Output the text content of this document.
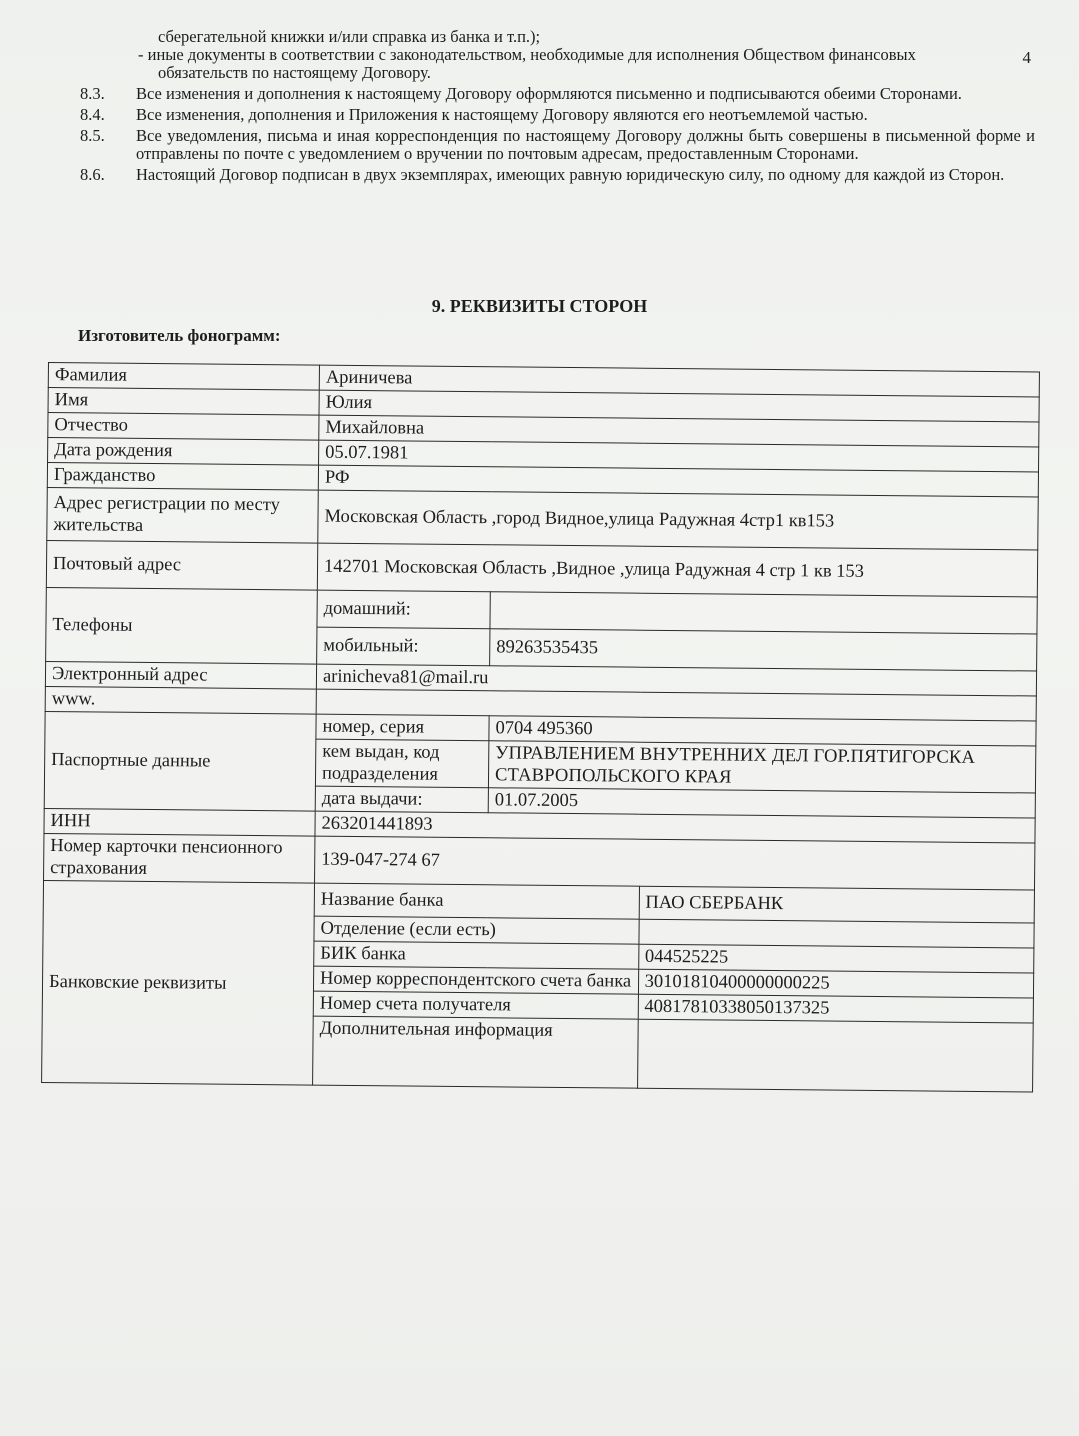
4
сберегательной книжки и/или справка из банка и т.п.);
- иные документы в соответствии с законодательством, необходимые для исполнения Обществом финансовых
обязательств по настоящему Договору.
8.3.	Все изменения и дополнения к настоящему Договору оформляются письменно и подписываются обеими Сторонами.
8.4.	Все изменения, дополнения и Приложения к настоящему Договору являются его неотъемлемой частью.
8.5.	Все уведомления, письма и иная корреспонденция по настоящему Договору должны быть совершены в письменной форме и отправлены по почте с уведомлением о вручении по почтовым адресам, предоставленным Сторонами.
8.6.	Настоящий Договор подписан в двух экземплярах, имеющих равную юридическую силу, по одному для каждой из Сторон.
9. РЕКВИЗИТЫ СТОРОН
Изготовитель фонограмм:
Фамилия	Ариничева		
Имя	Юлия		
Отчество	Михайловна		
Дата рождения	05.07.1981		
Гражданство	РФ		
Адрес регистрации по месту жительства	Московская Область ,город Видное,улица Радужная 4стр1 кв153		
Почтовый адрес	142701 Московская Область ,Видное ,улица Радужная 4 стр 1 кв 153		
Телефоны	домашний:		
	мобильный:	89263535435	
Электронный адрес	arinicheva81@mail.ru		
www.			
Паспортные данные	номер, серия	0704 495360	
	кем выдан, код подразделения	УПРАВЛЕНИЕМ ВНУТРЕННИХ ДЕЛ ГОР.ПЯТИГОРСКА СТАВРОПОЛЬСКОГО КРАЯ	
	дата выдачи:	01.07.2005	
ИНН	263201441893		
Номер карточки пенсионного страхования	139-047-274 67		
Банковские реквизиты	Название банка		ПАО СБЕРБАНК
	Отделение (если есть)		
	БИК банка		044525225
	Номер корреспондентского счета банка		30101810400000000225
	Номер счета получателя		40817810338050137325
	Дополнительная информация		
